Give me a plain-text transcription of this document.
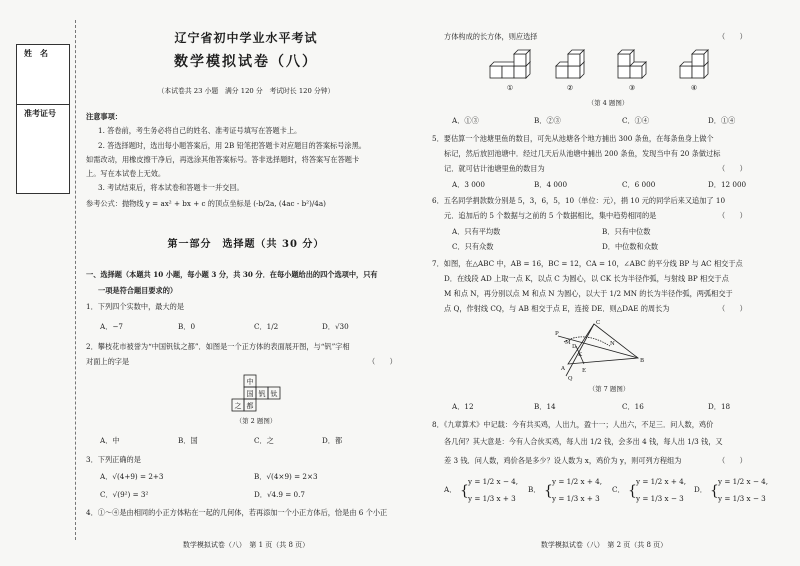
姓　名
准考证号
辽宁省初中学业水平考试
数学模拟试卷（八）
（本试卷共 23 小题　满分 120 分　考试时长 120 分钟）
注意事项：
1. 答卷前，考生务必将自己的姓名、准考证号填写在答题卡上。
2. 答选择题时，选出每小题答案后，用 2B 铅笔把答题卡对应题目的答案标号涂黑。
如需改动，用橡皮擦干净后，再选涂其他答案标号。答非选择题时，将答案写在答题卡
上。写在本试卷上无效。
3. 考试结束后，将本试卷和答题卡一并交回。
参考公式：抛物线 y = ax² + bx + c 的顶点坐标是 (-b/2a, (4ac - b²)/4a)
第一部分　选择题（共 30 分）
一、选择题（本题共 10 小题，每小题 3 分，共 30 分．在每小题给出的四个选项中，只有
一项是符合题目要求的）
1．下列四个实数中，最大的是
A．−7	B．0	C．1/2	D．√30
2．攀枝花市被誉为“中国钒钛之都”．如图是一个正方体的表面展开图，与“钒”字相
对面上的字是	（　　）
中
国 钒 钛
之 都
（第 2 题图）
A．中	B．国	C．之	D．都
3．下列正确的是
A．√(4+9) = 2+3	B．√(4×9) = 2×3
C．√(9²) = 3²	D．√4.9 = 0.7
4．①～④是由相同的小正方体粘在一起的几何体，若再添加一个小正方体后，恰是由 6 个小正
数学模拟试卷（八）　第 1 页（共 8 页）
方体构成的长方体，则应选择	（　　）
①	②	③	④
（第 4 题图）
A．①③	B．②③	C．①④	D．①④
5．要估算一个池塘里鱼的数目，可先从池塘各个地方捕出 300 条鱼，在每条鱼身上做个
标记，然后放回池塘中．经过几天后从池塘中捕出 200 条鱼，发现当中有 20 条做过标
记．就可估计池塘里鱼的数目为	（　　）
A．3 000	B．4 000	C．6 000	D．12 000
6．五名同学捐款数分别是 5，3，6，5，10（单位：元），捐 10 元的同学后来又追加了 10
元．追加后的 5 个数据与之前的 5 个数据相比，集中趋势相同的是	（　　）
A．只有平均数	B．只有中位数
C．只有众数	D．中位数和众数
7．如图，在△ABC 中，AB = 16，BC = 12，CA = 10，∠ABC 的平分线 BP 与 AC 相交于点
D．在线段 AD 上取一点 K，以点 C 为圆心，以 CK 长为半径作弧，与射线 BP 相交于点
M 和点 N，再分别以点 M 和点 N 为圆心，以大于 1/2 MN 的长为半径作弧，两弧相交于
点 Q，作射线 CQ，与 AB 相交于点 E，连接 DE．则△DAE 的周长为	（　　）
P
C
M	N
D
Q
E
A
K
B
（第 7 题图）
A．12	B．14	C．16	D．18
8．《九章算术》中记载：今有共买鸡，人出九，盈十一；人出六，不足三．问人数，鸡价
各几何？其大意是：今有人合伙买鸡，每人出 1/2 钱，会多出 4 钱，每人出 1/3 钱，又
差 3 钱．问人数，鸡价各是多少？设人数为 x，鸡价为 y，则可列方程组为	（　　）
A． {
y = 1/2 x − 4,
y = 1/3 x + 3
B． {
y = 1/2 x + 4,
y = 1/3 x + 3
C． {
y = 1/2 x + 4,
y = 1/3 x − 3
D． {
y = 1/2 x − 4,
y = 1/3 x − 3
数学模拟试卷（八）　第 2 页（共 8 页）
